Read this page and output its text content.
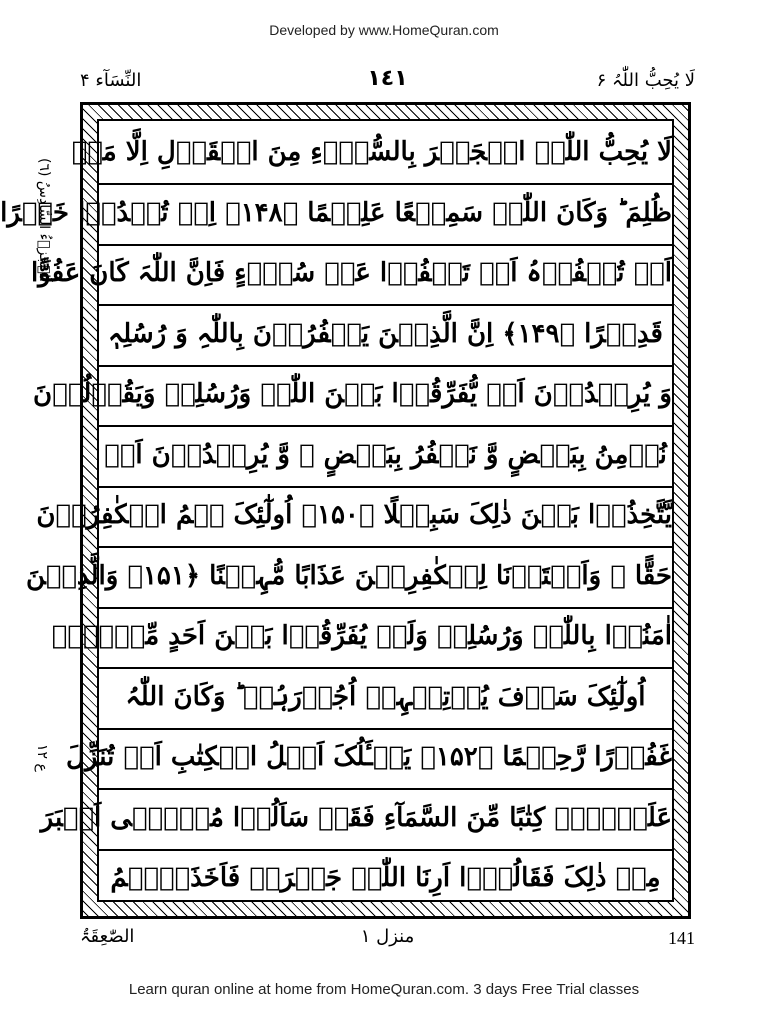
Developed by www.HomeQuran.com
لَا یُحِبُّ اللّٰہُ ۶
١٤١
النِّسَآء ۴
اَلۡجُزۡءُ السَّادِسُ (٦)
ع ١٢
لَا یُحِبُّ اللّٰہُ الۡجَہۡرَ بِالسُّوۡٓءِ مِنَ الۡقَوۡلِ اِلَّا مَنۡ
ظُلِمَ ؕ وَکَانَ اللّٰہُ سَمِیۡعًا عَلِیۡمًا ﴿۱۴۸﴾ اِنۡ تُبۡدُوۡا خَیۡرًا
اَوۡ تُخۡفُوۡہُ اَوۡ تَعۡفُوۡا عَنۡ سُوۡٓءٍ فَاِنَّ اللّٰہَ کَانَ عَفُوًّا
قَدِیۡرًا ﴿۱۴۹﴾ اِنَّ الَّذِیۡنَ یَکۡفُرُوۡنَ بِاللّٰہِ وَ رُسُلِہٖ
وَ یُرِیۡدُوۡنَ اَنۡ یُّفَرِّقُوۡا بَیۡنَ اللّٰہِ وَرُسُلِہٖ وَیَقُوۡلُوۡنَ
نُؤۡمِنُ بِبَعۡضٍ وَّ نَکۡفُرُ بِبَعۡضٍ ۙ وَّ یُرِیۡدُوۡنَ اَنۡ
یَّتَّخِذُوۡا بَیۡنَ ذٰلِکَ سَبِیۡلًا ﴿۱۵۰﴾ اُولٰٓئِکَ ہُمُ الۡکٰفِرُوۡنَ
حَقًّا ۚ وَاَعۡتَدۡنَا لِلۡکٰفِرِیۡنَ عَذَابًا مُّہِیۡنًا ﴿۱۵۱﴾ وَالَّذِیۡنَ
اٰمَنُوۡا بِاللّٰہِ وَرُسُلِہٖ وَلَمۡ یُفَرِّقُوۡا بَیۡنَ اَحَدٍ مِّنۡہُمۡ
اُولٰٓئِکَ سَوۡفَ یُؤۡتِیۡہِمۡ اُجُوۡرَہُمۡ ؕ وَکَانَ اللّٰہُ
غَفُوۡرًا رَّحِیۡمًا ﴿۱۵۲﴾ یَسۡـَٔلُکَ اَہۡلُ الۡکِتٰبِ اَنۡ تُنَزِّلَ
عَلَیۡہِمۡ کِتٰبًا مِّنَ السَّمَآءِ فَقَدۡ سَاَلُوۡا مُوۡسٰۤی اَکۡبَرَ
مِنۡ ذٰلِکَ فَقَالُوۡۤا اَرِنَا اللّٰہَ جَہۡرَۃً فَاَخَذَتۡہُمُ
الصّٰعِقَۃُ	منزل ۱	141
Learn quran online at home from HomeQuran.com. 3 days Free Trial classes
